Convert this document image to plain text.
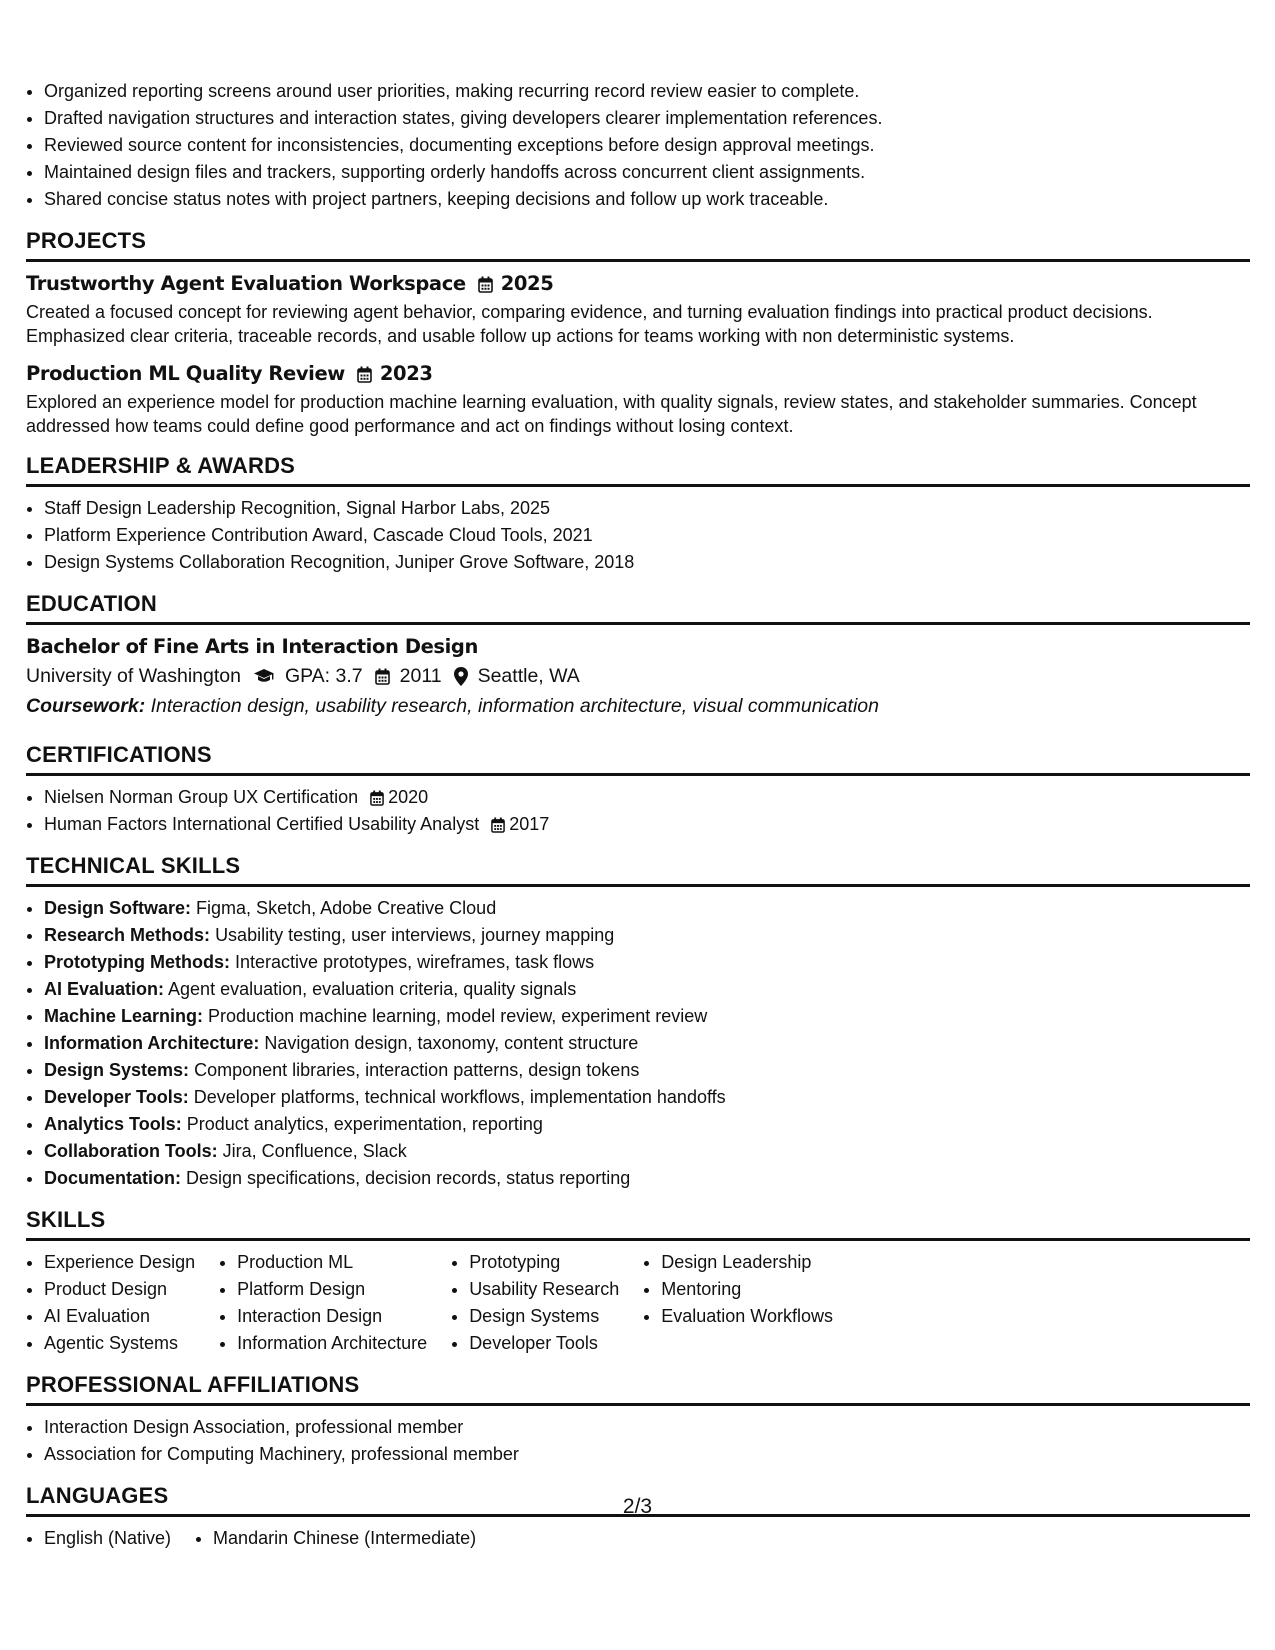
• Organized reporting screens around user priorities, making recurring record review easier to complete.
• Drafted navigation structures and interaction states, giving developers clearer implementation references.
• Reviewed source content for inconsistencies, documenting exceptions before design approval meetings.
• Maintained design files and trackers, supporting orderly handoffs across concurrent client assignments.
• Shared concise status notes with project partners, keeping decisions and follow up work traceable.
PROJECTS
Trustworthy Agent Evaluation Workspace 2025

Created a focused concept for reviewing agent behavior, comparing evidence, and turning evaluation findings into practical product decisions. Emphasized clear criteria, traceable records, and usable follow up actions for teams working with non deterministic systems.

Production ML Quality Review 2023

Explored an experience model for production machine learning evaluation, with quality signals, review states, and stakeholder summaries. Concept addressed how teams could define good performance and act on findings without losing context.

LEADERSHIP & AWARDS
• Staff Design Leadership Recognition, Signal Harbor Labs, 2025
• Platform Experience Contribution Award, Cascade Cloud Tools, 2021
• Design Systems Collaboration Recognition, Juniper Grove Software, 2018
EDUCATION
Bachelor of Fine Arts in Interaction Design
University of Washington GPA: 3.7 2011 Seattle, WA
Coursework: Interaction design, usability research, information architecture, visual communication
CERTIFICATIONS
• Nielsen Norman Group UX Certification 2020
• Human Factors International Certified Usability Analyst 2017
TECHNICAL SKILLS
• Design Software: Figma, Sketch, Adobe Creative Cloud
• Research Methods: Usability testing, user interviews, journey mapping
• Prototyping Methods: Interactive prototypes, wireframes, task flows
• AI Evaluation: Agent evaluation, evaluation criteria, quality signals
• Machine Learning: Production machine learning, model review, experiment review
• Information Architecture: Navigation design, taxonomy, content structure
• Design Systems: Component libraries, interaction patterns, design tokens
• Developer Tools: Developer platforms, technical workflows, implementation handoffs
• Analytics Tools: Product analytics, experimentation, reporting
• Collaboration Tools: Jira, Confluence, Slack
• Documentation: Design specifications, decision records, status reporting
SKILLS
• Experience Design
• Product Design
• AI Evaluation
• Agentic Systems
• Production ML
• Platform Design
• Interaction Design
• Information Architecture
• Prototyping
• Usability Research
• Design Systems
• Developer Tools
• Design Leadership
• Mentoring
• Evaluation Workflows
PROFESSIONAL AFFILIATIONS
• Interaction Design Association, professional member
• Association for Computing Machinery, professional member
LANGUAGES
• English (Native)
• Mandarin Chinese (Intermediate)
2/3
